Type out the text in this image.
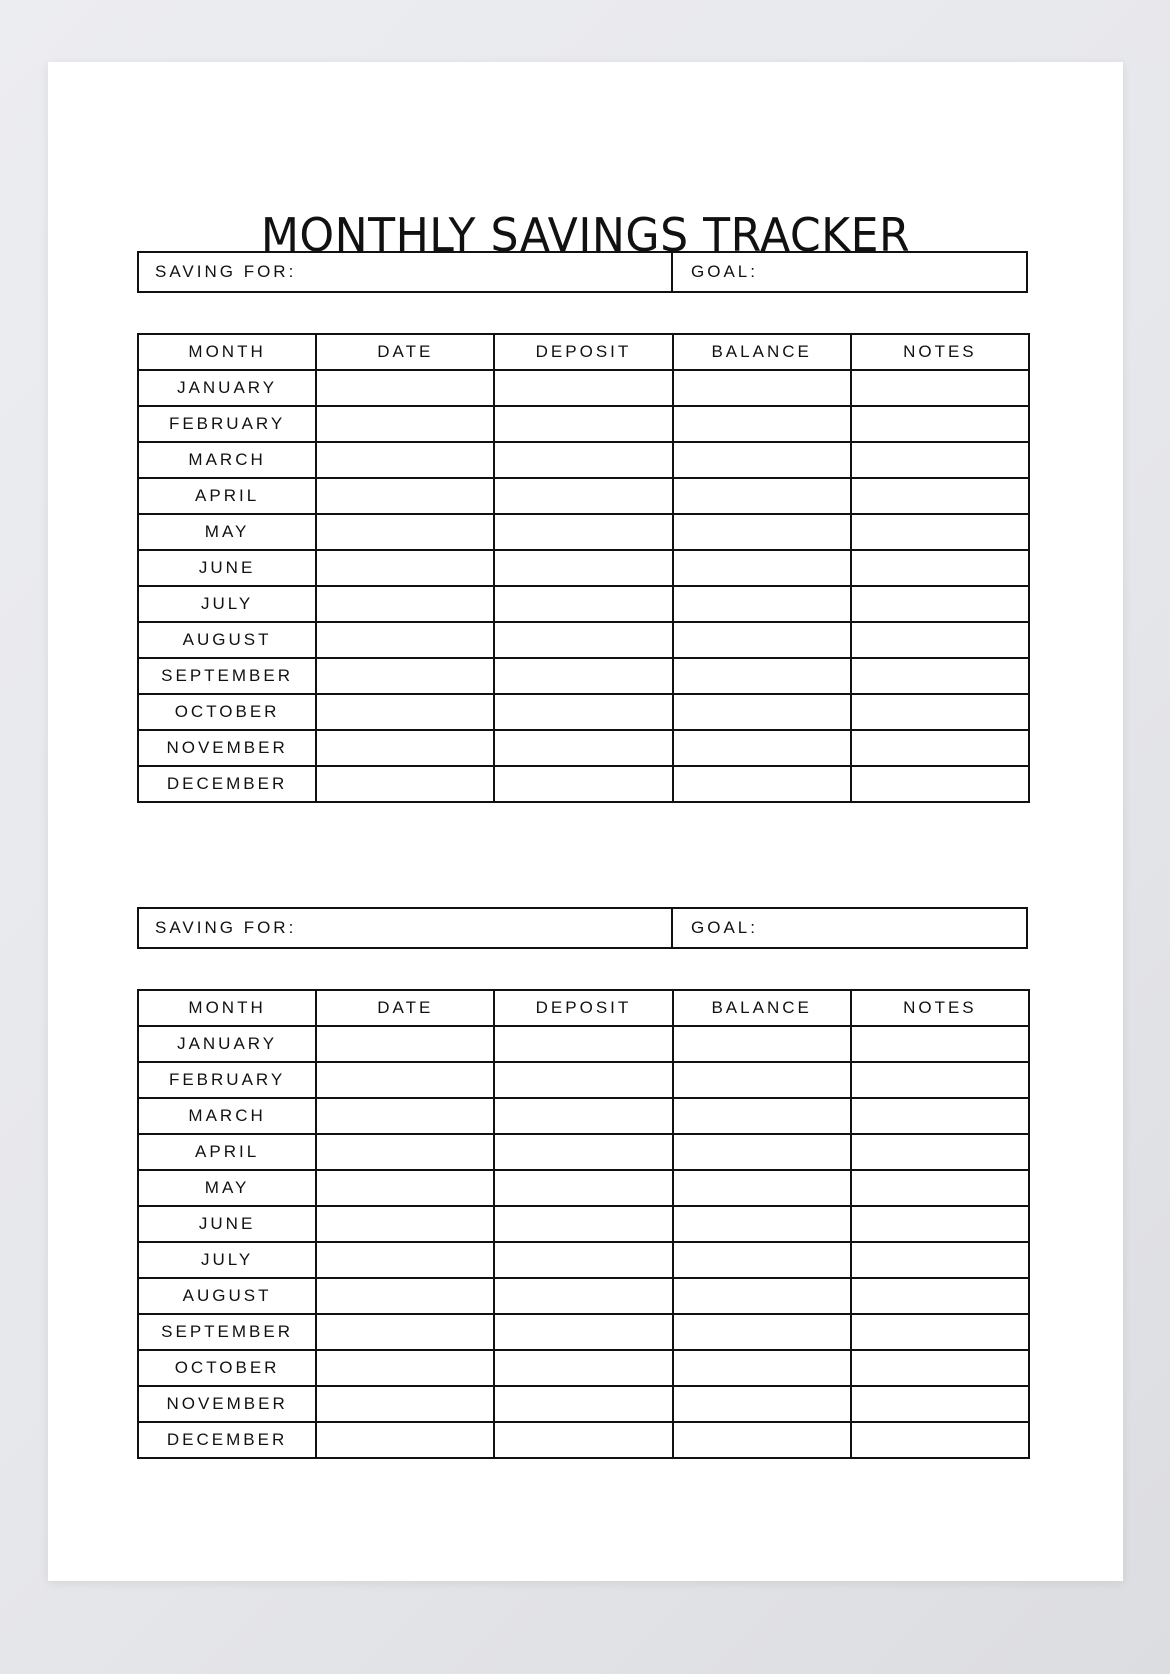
MONTHLY SAVINGS TRACKER
SAVING FOR:	GOAL:
MONTH	DATE	DEPOSIT	BALANCE	NOTES
JANUARY				
FEBRUARY				
MARCH				
APRIL				
MAY				
JUNE				
JULY				
AUGUST				
SEPTEMBER				
OCTOBER				
NOVEMBER				
DECEMBER				
SAVING FOR:	GOAL:
MONTH	DATE	DEPOSIT	BALANCE	NOTES
JANUARY				
FEBRUARY				
MARCH				
APRIL				
MAY				
JUNE				
JULY				
AUGUST				
SEPTEMBER				
OCTOBER				
NOVEMBER				
DECEMBER				
